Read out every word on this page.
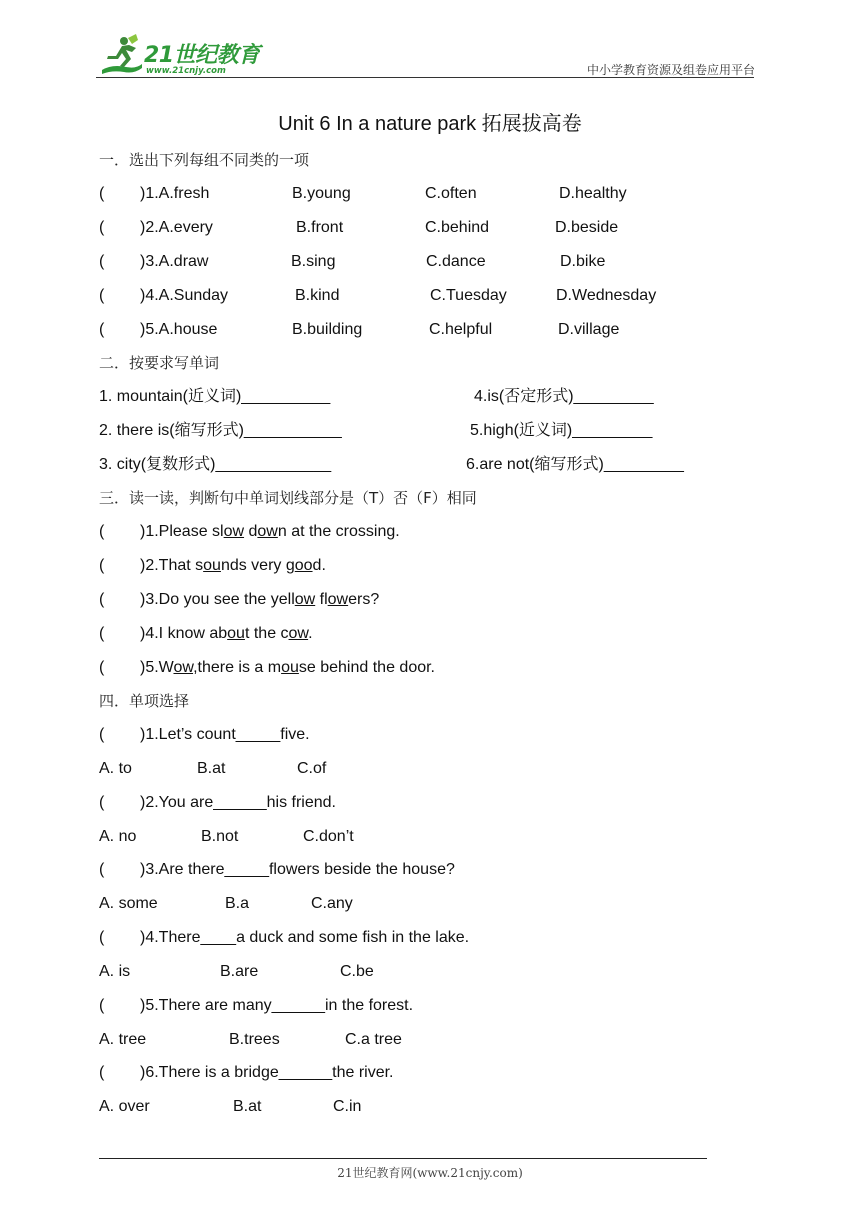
21世纪教育
www.21cnjy.com	中小学教育资源及组卷应用平台
Unit 6 In a nature park 拓展拔高卷
一．选出下列每组不同类的一项
( )1.A.fresh	B.young	C.often	D.healthy
( )2.A.every	B.front	C.behind	D.beside
( )3.A.draw	B.sing	C.dance	D.bike
( )4.A.Sunday	B.kind	C.Tuesday	D.Wednesday
( )5.A.house	B.building	C.helpful	D.village
二．按要求写单词
1. mountain(近义词)__________	4.is(否定形式)_________
2. there is(缩写形式)___________	5.high(近义词)_________
3. city(复数形式)_____________	6.are not(缩写形式)_________
三．读一读，判断句中单词划线部分是（T）否（F）相同
( )1.Please slow down at the crossing.
( )2.That sounds very good.
( )3.Do you see the yellow flowers?
( )4.I know about the cow.
( )5.Wow,there is a mouse behind the door.
四．单项选择
( )1.Let’s count_____five.
A. to	B.at	C.of
( )2.You are______his friend.
A. no	B.not	C.don’t
( )3.Are there_____flowers beside the house?
A. some	B.a	C.any
( )4.There____a duck and some fish in the lake.
A. is	B.are	C.be
( )5.There are many______in the forest.
A. tree	B.trees	C.a tree
( )6.There is a bridge______the river.
A. over	B.at	C.in
21世纪教育网(www.21cnjy.com)
